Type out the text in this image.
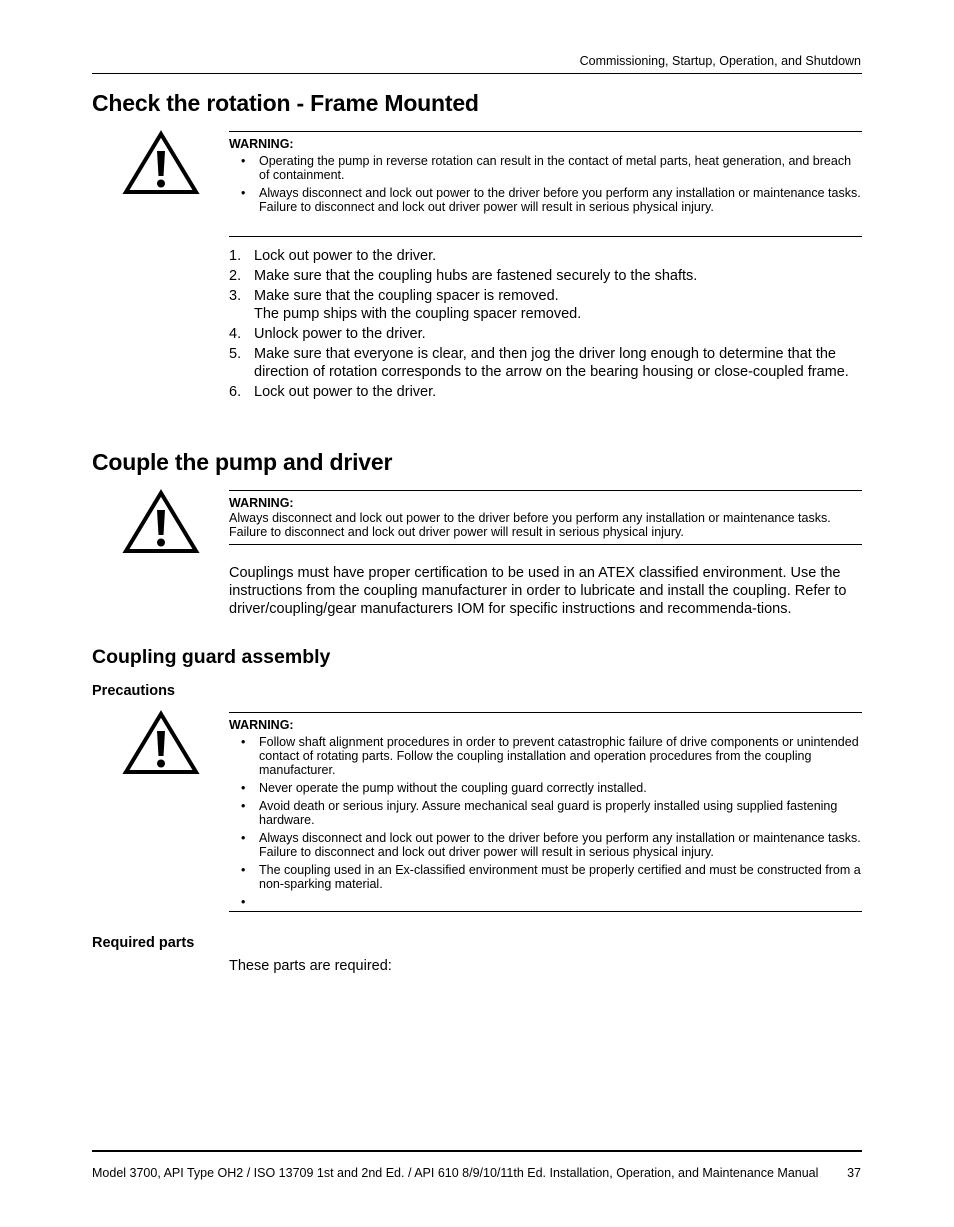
Commissioning, Startup, Operation, and Shutdown
Check the rotation - Frame Mounted
WARNING:
• Operating the pump in reverse rotation can result in the contact of metal parts, heat generation, and breach of containment.
• Always disconnect and lock out power to the driver before you perform any installation or maintenance tasks. Failure to disconnect and lock out driver power will result in serious physical injury.
1. Lock out power to the driver.
2. Make sure that the coupling hubs are fastened securely to the shafts.
3. Make sure that the coupling spacer is removed.
The pump ships with the coupling spacer removed.
4. Unlock power to the driver.
5. Make sure that everyone is clear, and then jog the driver long enough to determine that the direction of rotation corresponds to the arrow on the bearing housing or close-coupled frame.
6. Lock out power to the driver.
Couple the pump and driver
WARNING:
Always disconnect and lock out power to the driver before you perform any installation or maintenance tasks. Failure to disconnect and lock out driver power will result in serious physical injury.
Couplings must have proper certification to be used in an ATEX classified environment. Use the instructions from the coupling manufacturer in order to lubricate and install the coupling. Refer to driver/coupling/gear manufacturers IOM for specific instructions and recommenda-tions.
Coupling guard assembly
Precautions
WARNING:
• Follow shaft alignment procedures in order to prevent catastrophic failure of drive components or unintended contact of rotating parts. Follow the coupling installation and operation procedures from the coupling manufacturer.
• Never operate the pump without the coupling guard correctly installed.
• Avoid death or serious injury. Assure mechanical seal guard is properly installed using supplied fastening hardware.
• Always disconnect and lock out power to the driver before you perform any installation or maintenance tasks. Failure to disconnect and lock out driver power will result in serious physical injury.
• The coupling used in an Ex-classified environment must be properly certified and must be constructed from a non-sparking material.
•
Required parts
These parts are required:
Model 3700, API Type OH2 / ISO 13709 1st and 2nd Ed. / API 610 8/9/10/11th Ed. Installation, Operation, and Maintenance Manual	37
